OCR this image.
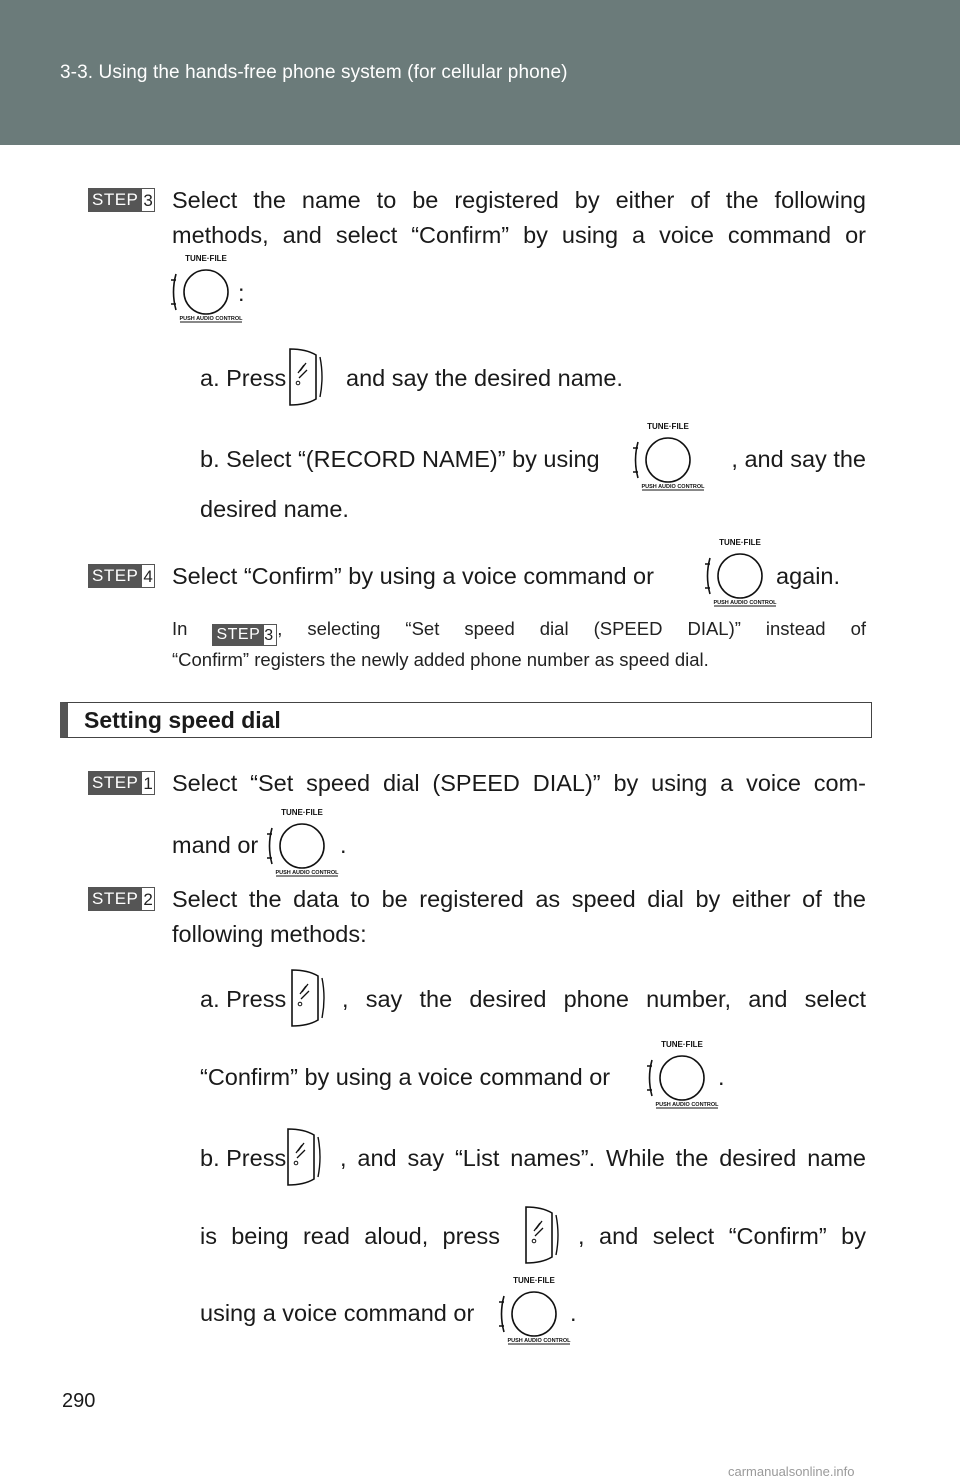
3-3. Using the hands-free phone system (for cellular phone)
STEP 3 Select the name to be registered by either of the following
methods, and select “Confirm” by using a voice command or
:
a. Press	and say the desired name.
b. Select “(RECORD NAME)” by using	, and say the
desired name.
STEP 4 Select “Confirm” by using a voice command or	again.
In STEP 3 , selecting “Set speed dial (SPEED DIAL)” instead of
“Confirm” registers the newly added phone number as speed dial.
Setting speed dial
STEP 1 Select “Set speed dial (SPEED DIAL)” by using a voice com-
mand or	.
STEP 2 Select the data to be registered as speed dial by either of the
following methods:
a. Press , say the desired phone number, and select
“Confirm” by using a voice command or	.
b. Press , and say “List names”. While the desired name
is being read aloud, press	, and select “Confirm” by
using a voice command or	.
290
carmanualsonline.info
